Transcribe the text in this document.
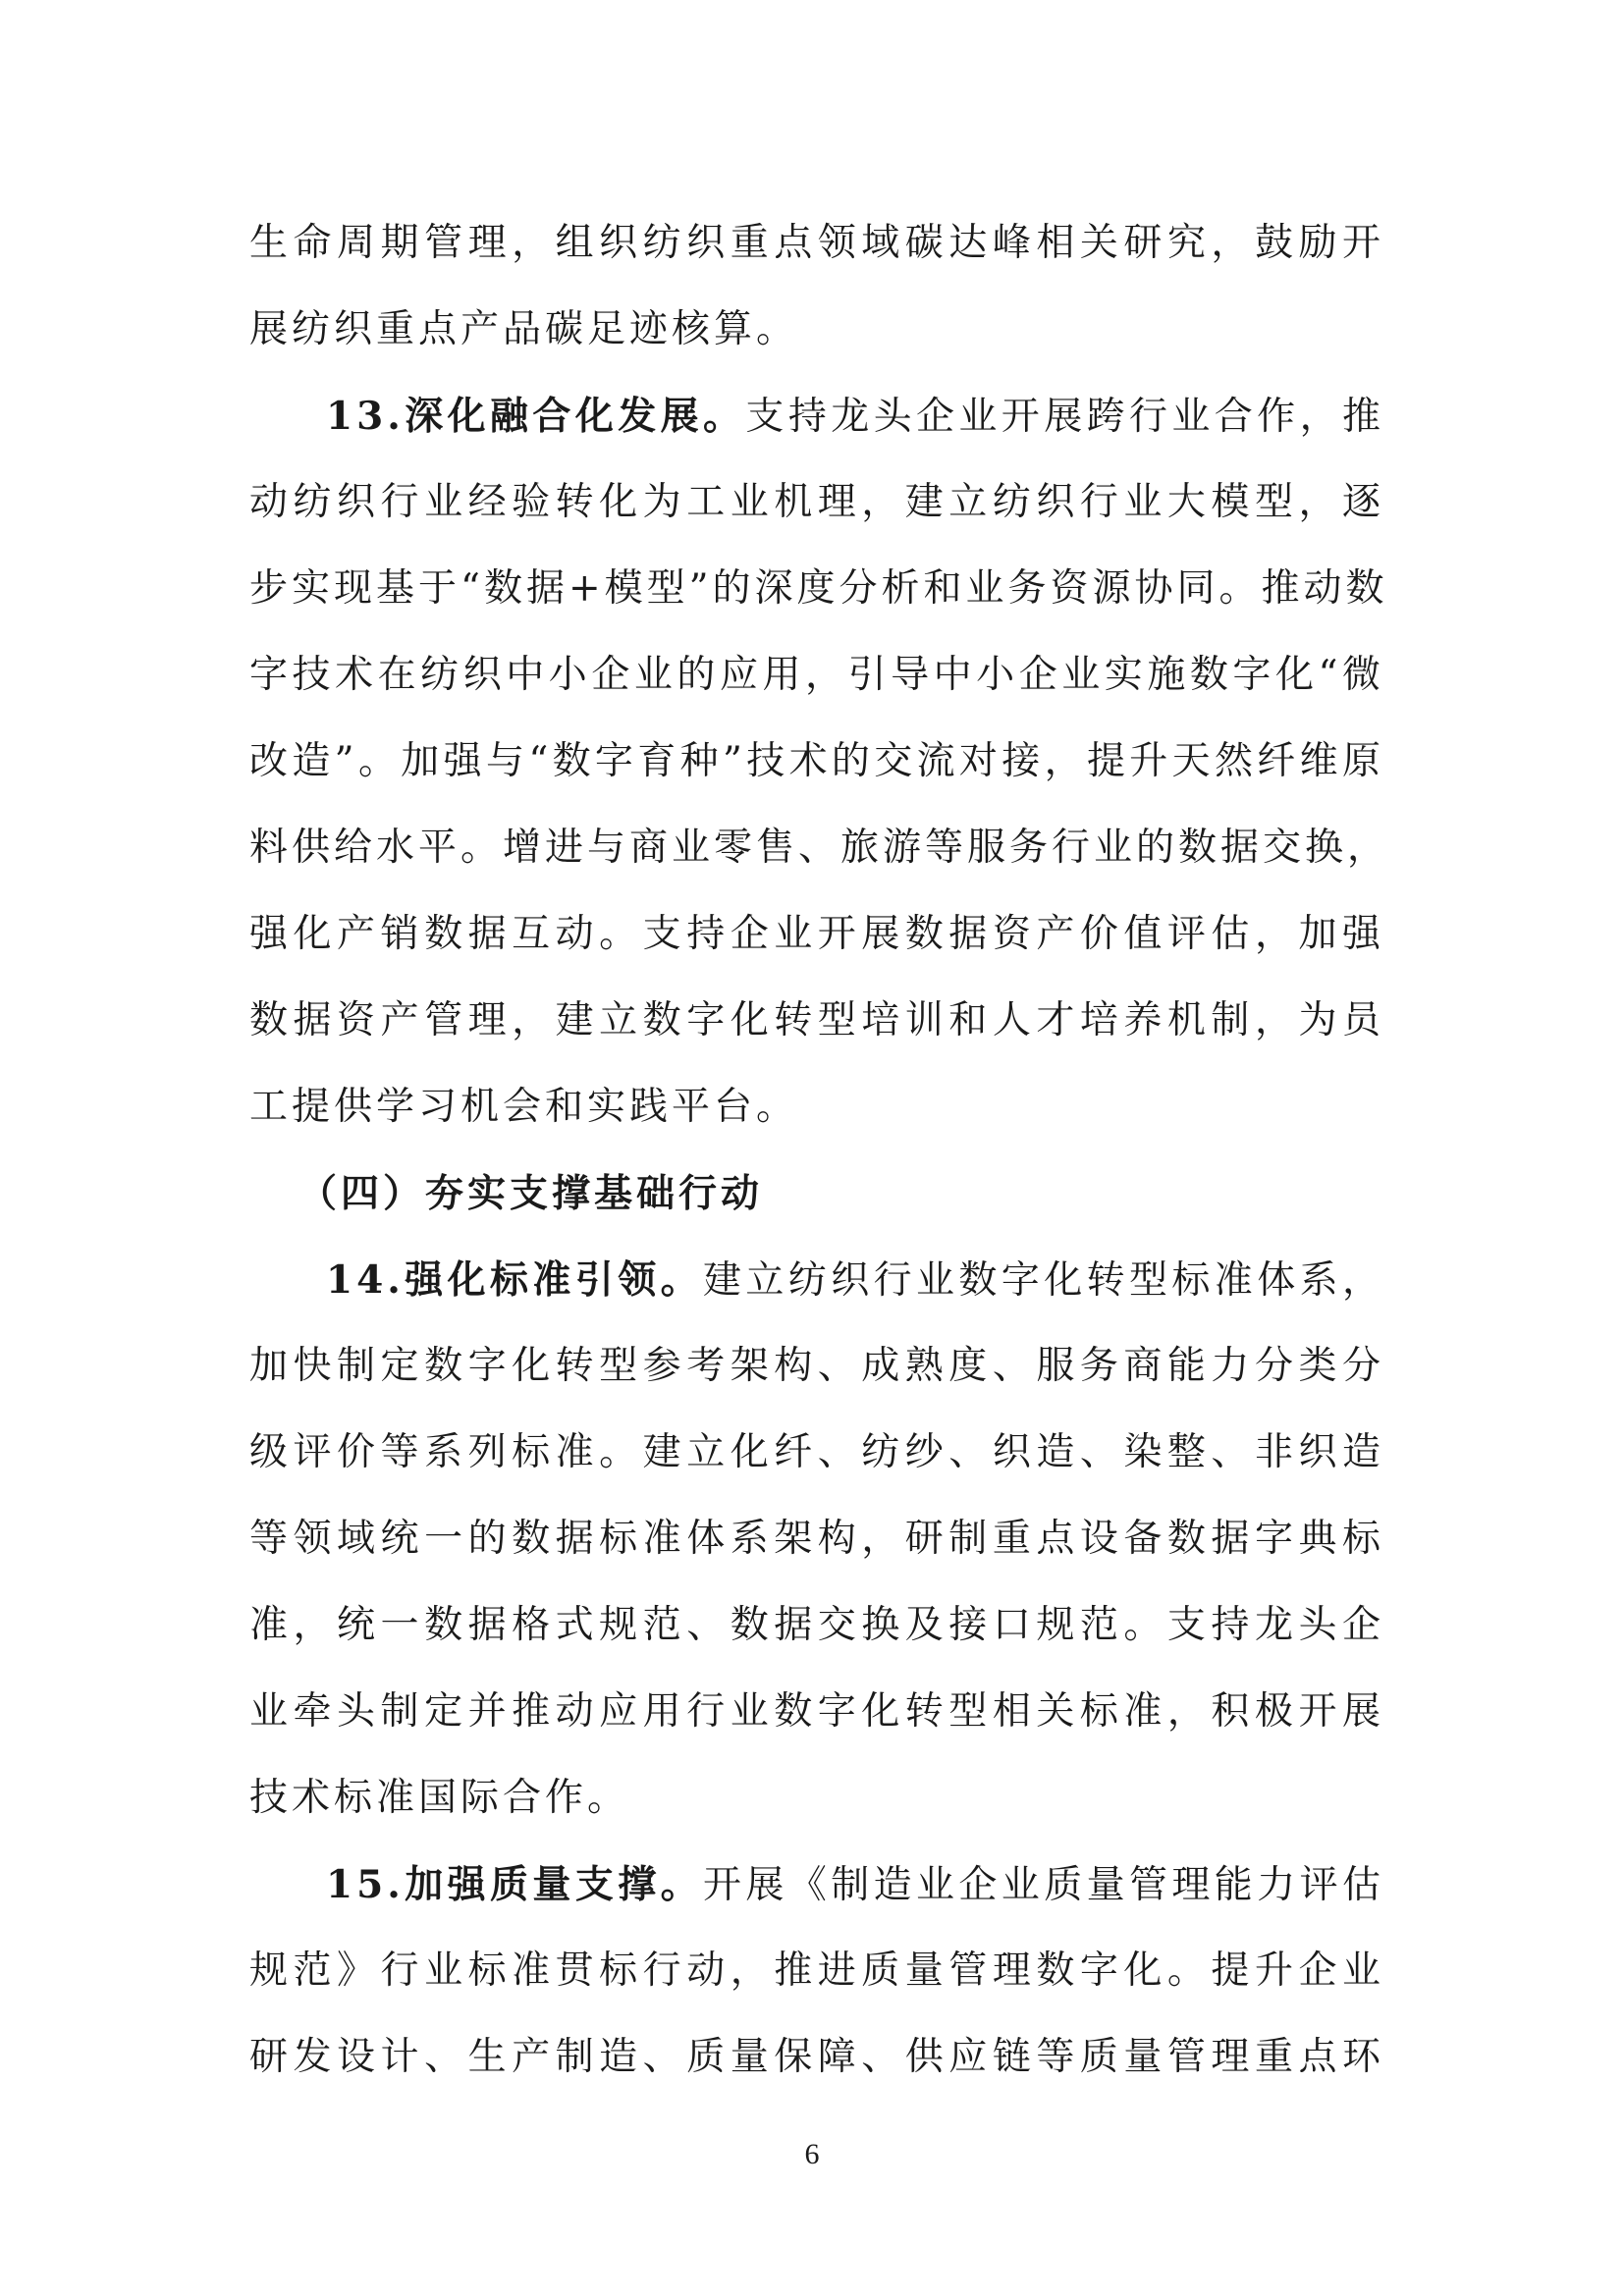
生命周期管理，组织纺织重点领域碳达峰相关研究，鼓励开
展纺织重点产品碳足迹核算。
13.深化融合化发展。支持龙头企业开展跨行业合作，推
动纺织行业经验转化为工业机理，建立纺织行业大模型，逐
步实现基于“数据+模型”的深度分析和业务资源协同。推动数
字技术在纺织中小企业的应用，引导中小企业实施数字化“微
改造”。加强与“数字育种”技术的交流对接，提升天然纤维原
料供给水平。增进与商业零售、旅游等服务行业的数据交换，
强化产销数据互动。支持企业开展数据资产价值评估，加强
数据资产管理，建立数字化转型培训和人才培养机制，为员
工提供学习机会和实践平台。
（四）夯实支撑基础行动
14.强化标准引领。建立纺织行业数字化转型标准体系，
加快制定数字化转型参考架构、成熟度、服务商能力分类分
级评价等系列标准。建立化纤、纺纱、织造、染整、非织造
等领域统一的数据标准体系架构，研制重点设备数据字典标
准，统一数据格式规范、数据交换及接口规范。支持龙头企
业牵头制定并推动应用行业数字化转型相关标准，积极开展
技术标准国际合作。
15.加强质量支撑。开展《制造业企业质量管理能力评估
规范》行业标准贯标行动，推进质量管理数字化。提升企业
研发设计、生产制造、质量保障、供应链等质量管理重点环
6
